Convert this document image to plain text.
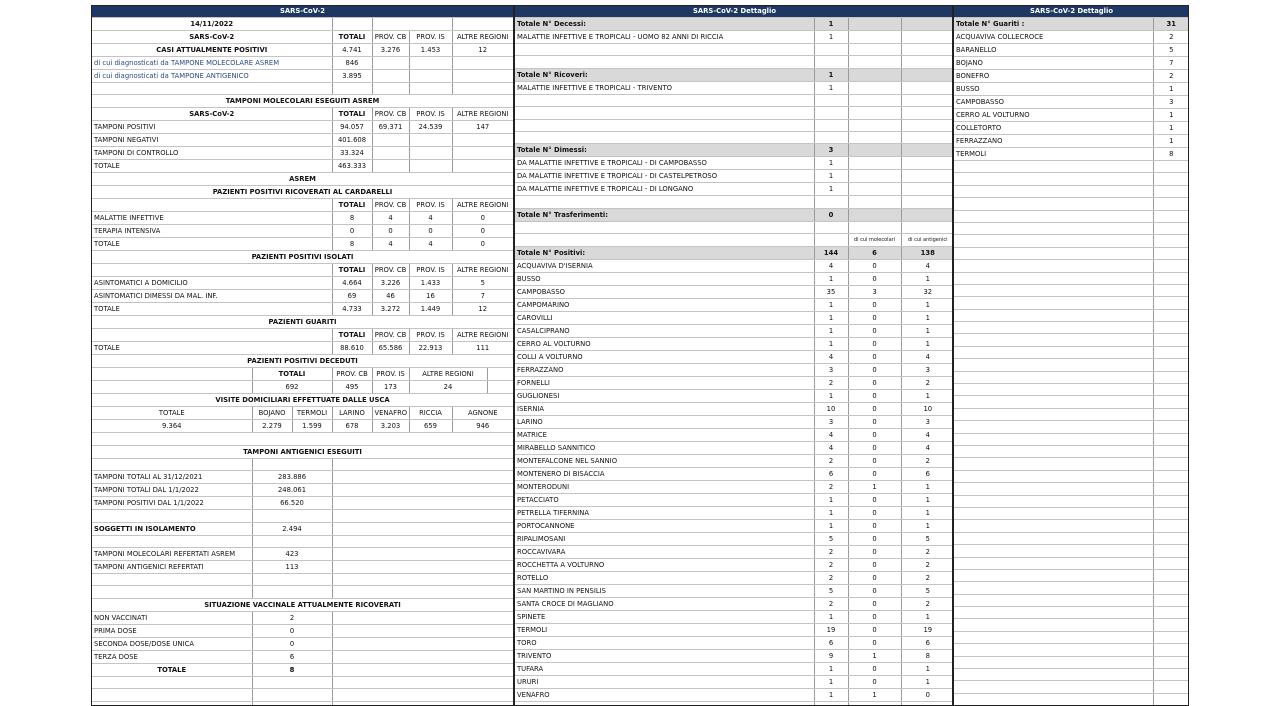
SARS-CoV-2							
14/11/2022							
SARS-CoV-2			TOTALI	PROV. CB	PROV. IS	ALTRE REGIONI	
CASI ATTUALMENTE POSITIVI			4.741	3.276	1.453	12	
di cui diagnosticati da TAMPONE MOLECOLARE ASREM			846				
di cui diagnosticati da TAMPONE ANTIGENICO			3.895				

TAMPONI MOLECOLARI ESEGUITI ASREM							
SARS-CoV-2			TOTALI	PROV. CB	PROV. IS	ALTRE REGIONI	
TAMPONI POSITIVI			94.057	69.371	24.539	147	
TAMPONI NEGATIVI			401.608				
TAMPONI DI CONTROLLO			33.324				
TOTALE			463.333				
ASREM							
PAZIENTI POSITIVI RICOVERATI AL CARDARELLI							
			TOTALI	PROV. CB	PROV. IS	ALTRE REGIONI	
MALATTIE INFETTIVE			8	4	4	0	
TERAPIA INTENSIVA			0	0	0	0	
TOTALE			8	4	4	0	
PAZIENTI POSITIVI ISOLATI							
			TOTALI	PROV. CB	PROV. IS	ALTRE REGIONI	
ASINTOMATICI A DOMICILIO			4.664	3.226	1.433	5	
ASINTOMATICI DIMESSI DA MAL. INF.			69	46	16	7	
TOTALE			4.733	3.272	1.449	12	
PAZIENTI GUARITI							
			TOTALI	PROV. CB	PROV. IS	ALTRE REGIONI	
TOTALE			88.610	65.586	22.913	111	
PAZIENTI POSITIVI DECEDUTI							
	TOTALI		PROV. CB	PROV. IS	ALTRE REGIONI		
	692		495	173	24		
VISITE DOMICILIARI EFFETTUATE DALLE USCA							
TOTALE	BOJANO	TERMOLI	LARINO	VENAFRO	RICCIA	AGNONE	
9.364	2.279	1.599	678	3.203	659	946	

TAMPONI ANTIGENICI ESEGUITI							

TAMPONI TOTALI AL 31/12/2021	283.886						
TAMPONI TOTALI DAL 1/1/2022	248.061						
TAMPONI POSITIVI DAL 1/1/2022	66.520						

SOGGETTI IN ISOLAMENTO	2.494						

TAMPONI MOLECOLARI REFERTATI ASREM	423						
TAMPONI ANTIGENICI REFERTATI	113						

SITUAZIONE VACCINALE ATTUALMENTE RICOVERATI							
NON VACCINATI	2						
PRIMA DOSE	0						
SECONDA DOSE/DOSE UNICA	0						
TERZA DOSE	6						
TOTALE	8						

SARS-CoV-2 Dettaglio			
Totale N° Decessi:	1		
MALATTIE INFETTIVE E TROPICALI - UOMO 82 ANNI DI RICCIA	1		

Totale N° Ricoveri:	1		
MALATTIE INFETTIVE E TROPICALI - TRIVENTO	1		

Totale N° Dimessi:	3		
DA MALATTIE INFETTIVE E TROPICALI - DI CAMPOBASSO	1		
DA MALATTIE INFETTIVE E TROPICALI - DI CASTELPETROSO	1		
DA MALATTIE INFETTIVE E TROPICALI - DI LONGANO	1		

Totale N° Trasferimenti:	0		

		di cui molecolari	di cui antigenici
Totale N° Positivi:	144	6	138
ACQUAVIVA D'ISERNIA	4	0	4
BUSSO	1	0	1
CAMPOBASSO	35	3	32
CAMPOMARINO	1	0	1
CAROVILLI	1	0	1
CASALCIPRANO	1	0	1
CERRO AL VOLTURNO	1	0	1
COLLI A VOLTURNO	4	0	4
FERRAZZANO	3	0	3
FORNELLI	2	0	2
GUGLIONESI	1	0	1
ISERNIA	10	0	10
LARINO	3	0	3
MATRICE	4	0	4
MIRABELLO SANNITICO	4	0	4
MONTEFALCONE NEL SANNIO	2	0	2
MONTENERO DI BISACCIA	6	0	6
MONTERODUNI	2	1	1
PETACCIATO	1	0	1
PETRELLA TIFERNINA	1	0	1
PORTOCANNONE	1	0	1
RIPALIMOSANI	5	0	5
ROCCAVIVARA	2	0	2
ROCCHETTA A VOLTURNO	2	0	2
ROTELLO	2	0	2
SAN MARTINO IN PENSILIS	5	0	5
SANTA CROCE DI MAGLIANO	2	0	2
SPINETE	1	0	1
TERMOLI	19	0	19
TORO	6	0	6
TRIVENTO	9	1	8
TUFARA	1	0	1
URURI	1	0	1
VENAFRO	1	1	0

SARS-CoV-2 Dettaglio	
Totale N° Guariti :	31
ACQUAVIVA COLLECROCE	2
BARANELLO	5
BOJANO	7
BONEFRO	2
BUSSO	1
CAMPOBASSO	3
CERRO AL VOLTURNO	1
COLLETORTO	1
FERRAZZANO	1
TERMOLI	8
